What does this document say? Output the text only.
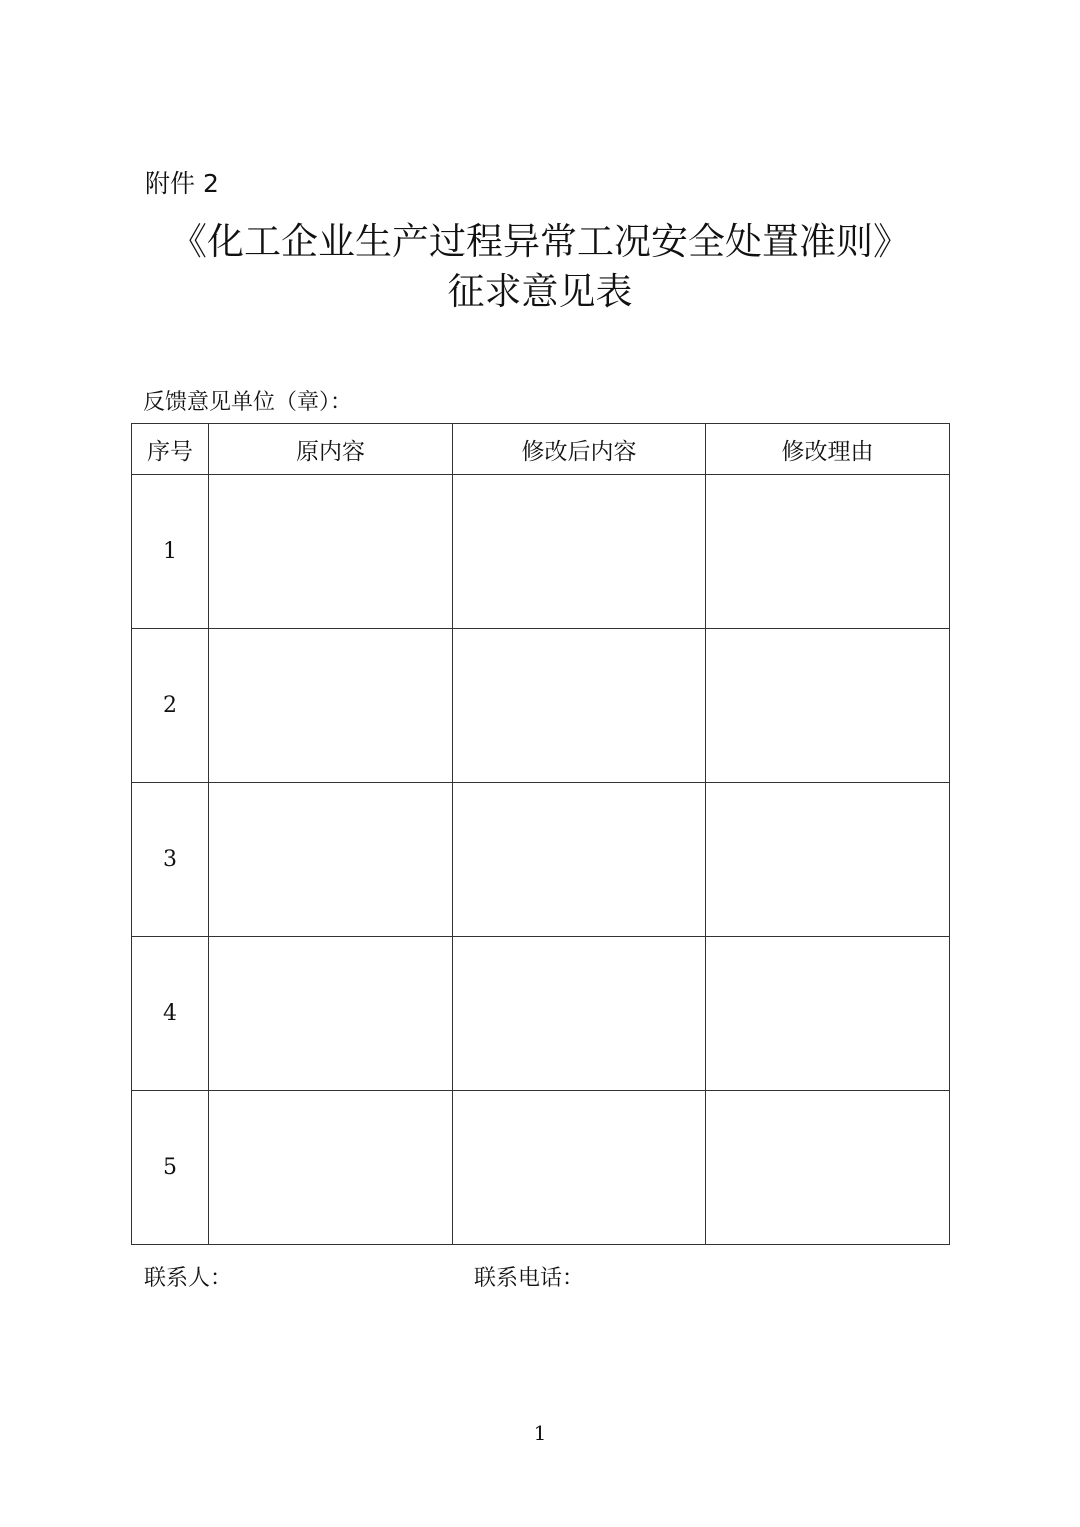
附件 2
《化工企业生产过程异常工况安全处置准则》
征求意见表
反馈意见单位（章）：
序号	原内容	修改后内容	修改理由
1			
2			
3			
4			
5			
联系人：	联系电话：
1
